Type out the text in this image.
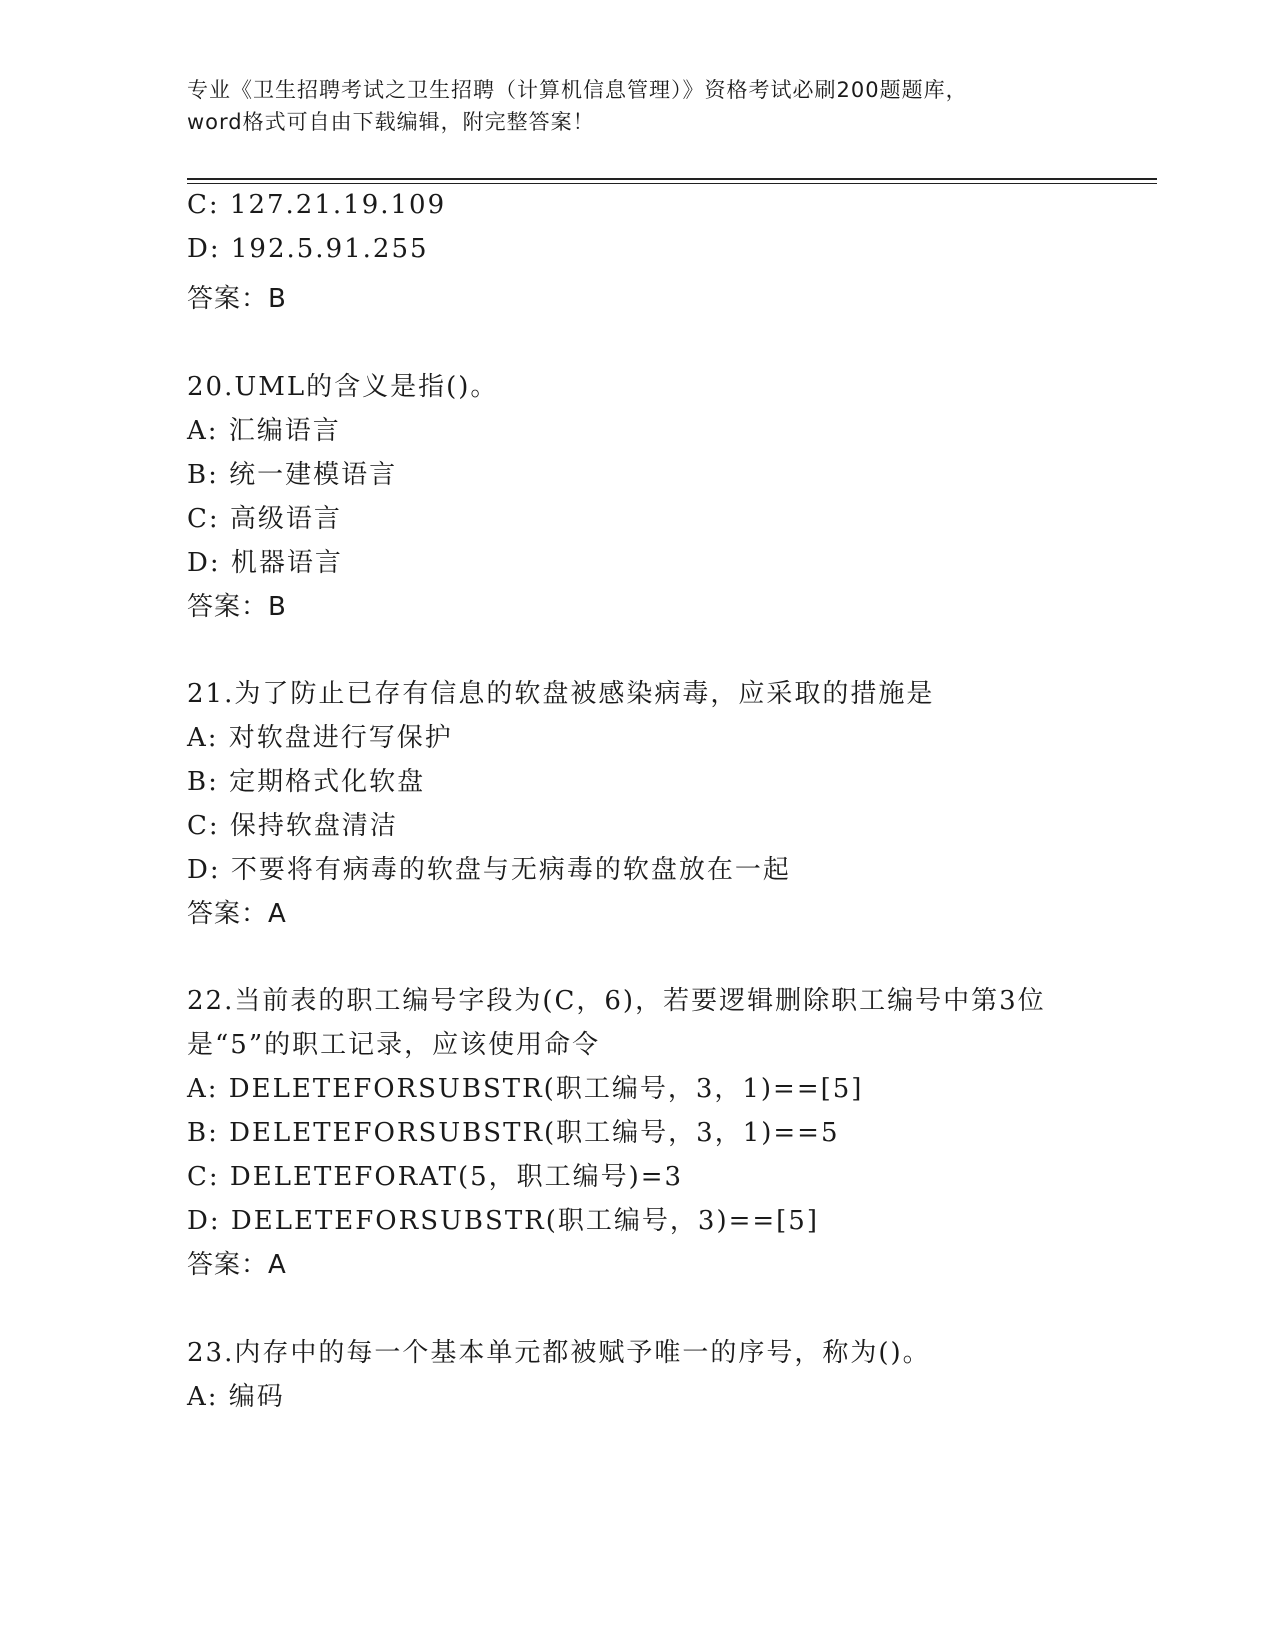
专业《卫生招聘考试之卫生招聘（计算机信息管理）》资格考试必刷200题题库，
word格式可自由下载编辑，附完整答案！
C: 127.21.19.109
D: 192.5.91.255
答案：B
20.UML的含义是指()。
A: 汇编语言
B: 统一建模语言
C: 高级语言
D: 机器语言
答案：B
21.为了防止已存有信息的软盘被感染病毒，应采取的措施是
A: 对软盘进行写保护
B: 定期格式化软盘
C: 保持软盘清洁
D: 不要将有病毒的软盘与无病毒的软盘放在一起
答案：A
22.当前表的职工编号字段为(C，6)，若要逻辑删除职工编号中第3位
是“5”的职工记录，应该使用命令
A: DELETEFORSUBSTR(职工编号，3，1)==[5]
B: DELETEFORSUBSTR(职工编号，3，1)==5
C: DELETEFORAT(5，职工编号)=3
D: DELETEFORSUBSTR(职工编号，3)==[5]
答案：A
23.内存中的每一个基本单元都被赋予唯一的序号，称为()。
A: 编码
